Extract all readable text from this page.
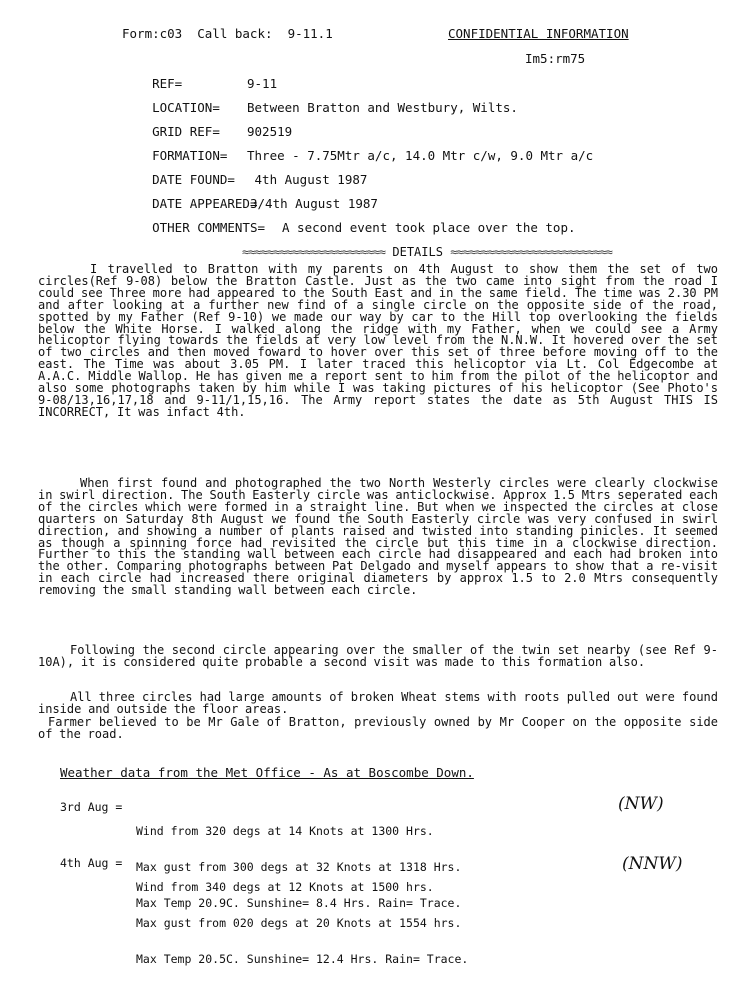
Form:c03  Call back:  9-11.1	CONFIDENTIAL INFORMATION
Im5:rm75

REF=	9-11

LOCATION= Between Bratton and Westbury, Wilts.

GRID REF= 902519

FORMATION= Three - 7.75Mtr a/c, 14.0 Mtr c/w, 9.0 Mtr a/c

DATE FOUND= 4th August 1987

DATE APPEARED=
3/4th August 1987

OTHER COMMENTS= A second event took place over the top.

≈≈≈≈≈≈≈≈≈≈≈≈≈≈≈≈≈≈≈≈≈≈≈ DETAILS ≈≈≈≈≈≈≈≈≈≈≈≈≈≈≈≈≈≈≈≈≈≈≈≈≈≈

I travelled to Bratton with my parents on 4th August to show them the set of two circles(Ref 9-08) below the Bratton Castle. Just as the two came into sight from the road I could see Three more had appeared to the South East and in the same field. The time was 2.30 PM and after looking at a further new find of a single circle on the opposite side of the road, spotted by my Father (Ref 9-10) we made our way by car to the Hill top overlooking the fields below the White Horse. I walked along the ridge with my Father, when we could see a Army helicoptor flying towards the fields at very low level from the N.N.W. It hovered over the set of two circles and then moved foward to hover over this set of three before moving off to the east. The Time was about 3.05 PM. I later traced this helicoptor via Lt. Col Edgecombe at A.A.C. Middle Wallop. He has given me a report sent to him from the pilot of the helicoptor and also some photographs taken by him while I was taking pictures of his helicoptor (See Photo's 9-08/13,16,17,18 and 9-11/1,15,16. The Army report states the date as 5th August THIS IS INCORRECT, It was infact 4th.

When first found and photographed the two North Westerly circles were clearly clockwise in swirl direction. The South Easterly circle was anticlockwise. Approx 1.5 Mtrs seperated each of the circles which were formed in a straight line. But when we inspected the circles at close quarters on Saturday 8th August we found the South Easterly circle was very confused in swirl direction, and showing a number of plants raised and twisted into standing pinicles. It seemed as though a spinning force had revisited the circle but this time in a clockwise direction. Further to this the standing wall between each circle had disappeared and each had broken into the other. Comparing photographs between Pat Delgado and myself appears to show that a re-visit in each circle had increased there original diameters by approx 1.5 to 2.0 Mtrs consequently removing the small standing wall between each circle.

Following the second circle appearing over the smaller of the twin set nearby (see Ref 9-10A), it is considered quite probable a second visit was made to this formation also.

All three circles had large amounts of broken Wheat stems with roots pulled out were found inside and outside the floor areas.

Farmer believed to be Mr Gale of Bratton, previously owned by Mr Cooper on the opposite side of the road.

Weather data from the Met Office - As at Boscombe Down.

3rd Aug =

Wind from 320 degs at 14 Knots at 1300 Hrs.

Max gust from 300 degs at 32 Knots at 1318 Hrs.

Max Temp 20.9C. Sunshine= 8.4 Hrs. Rain= Trace.

(NW)

4th Aug =

Wind from 340 degs at 12 Knots at 1500 hrs.

Max gust from 020 degs at 20 Knots at 1554 hrs.

Max Temp 20.5C. Sunshine= 12.4 Hrs. Rain= Trace.

(NNW)
